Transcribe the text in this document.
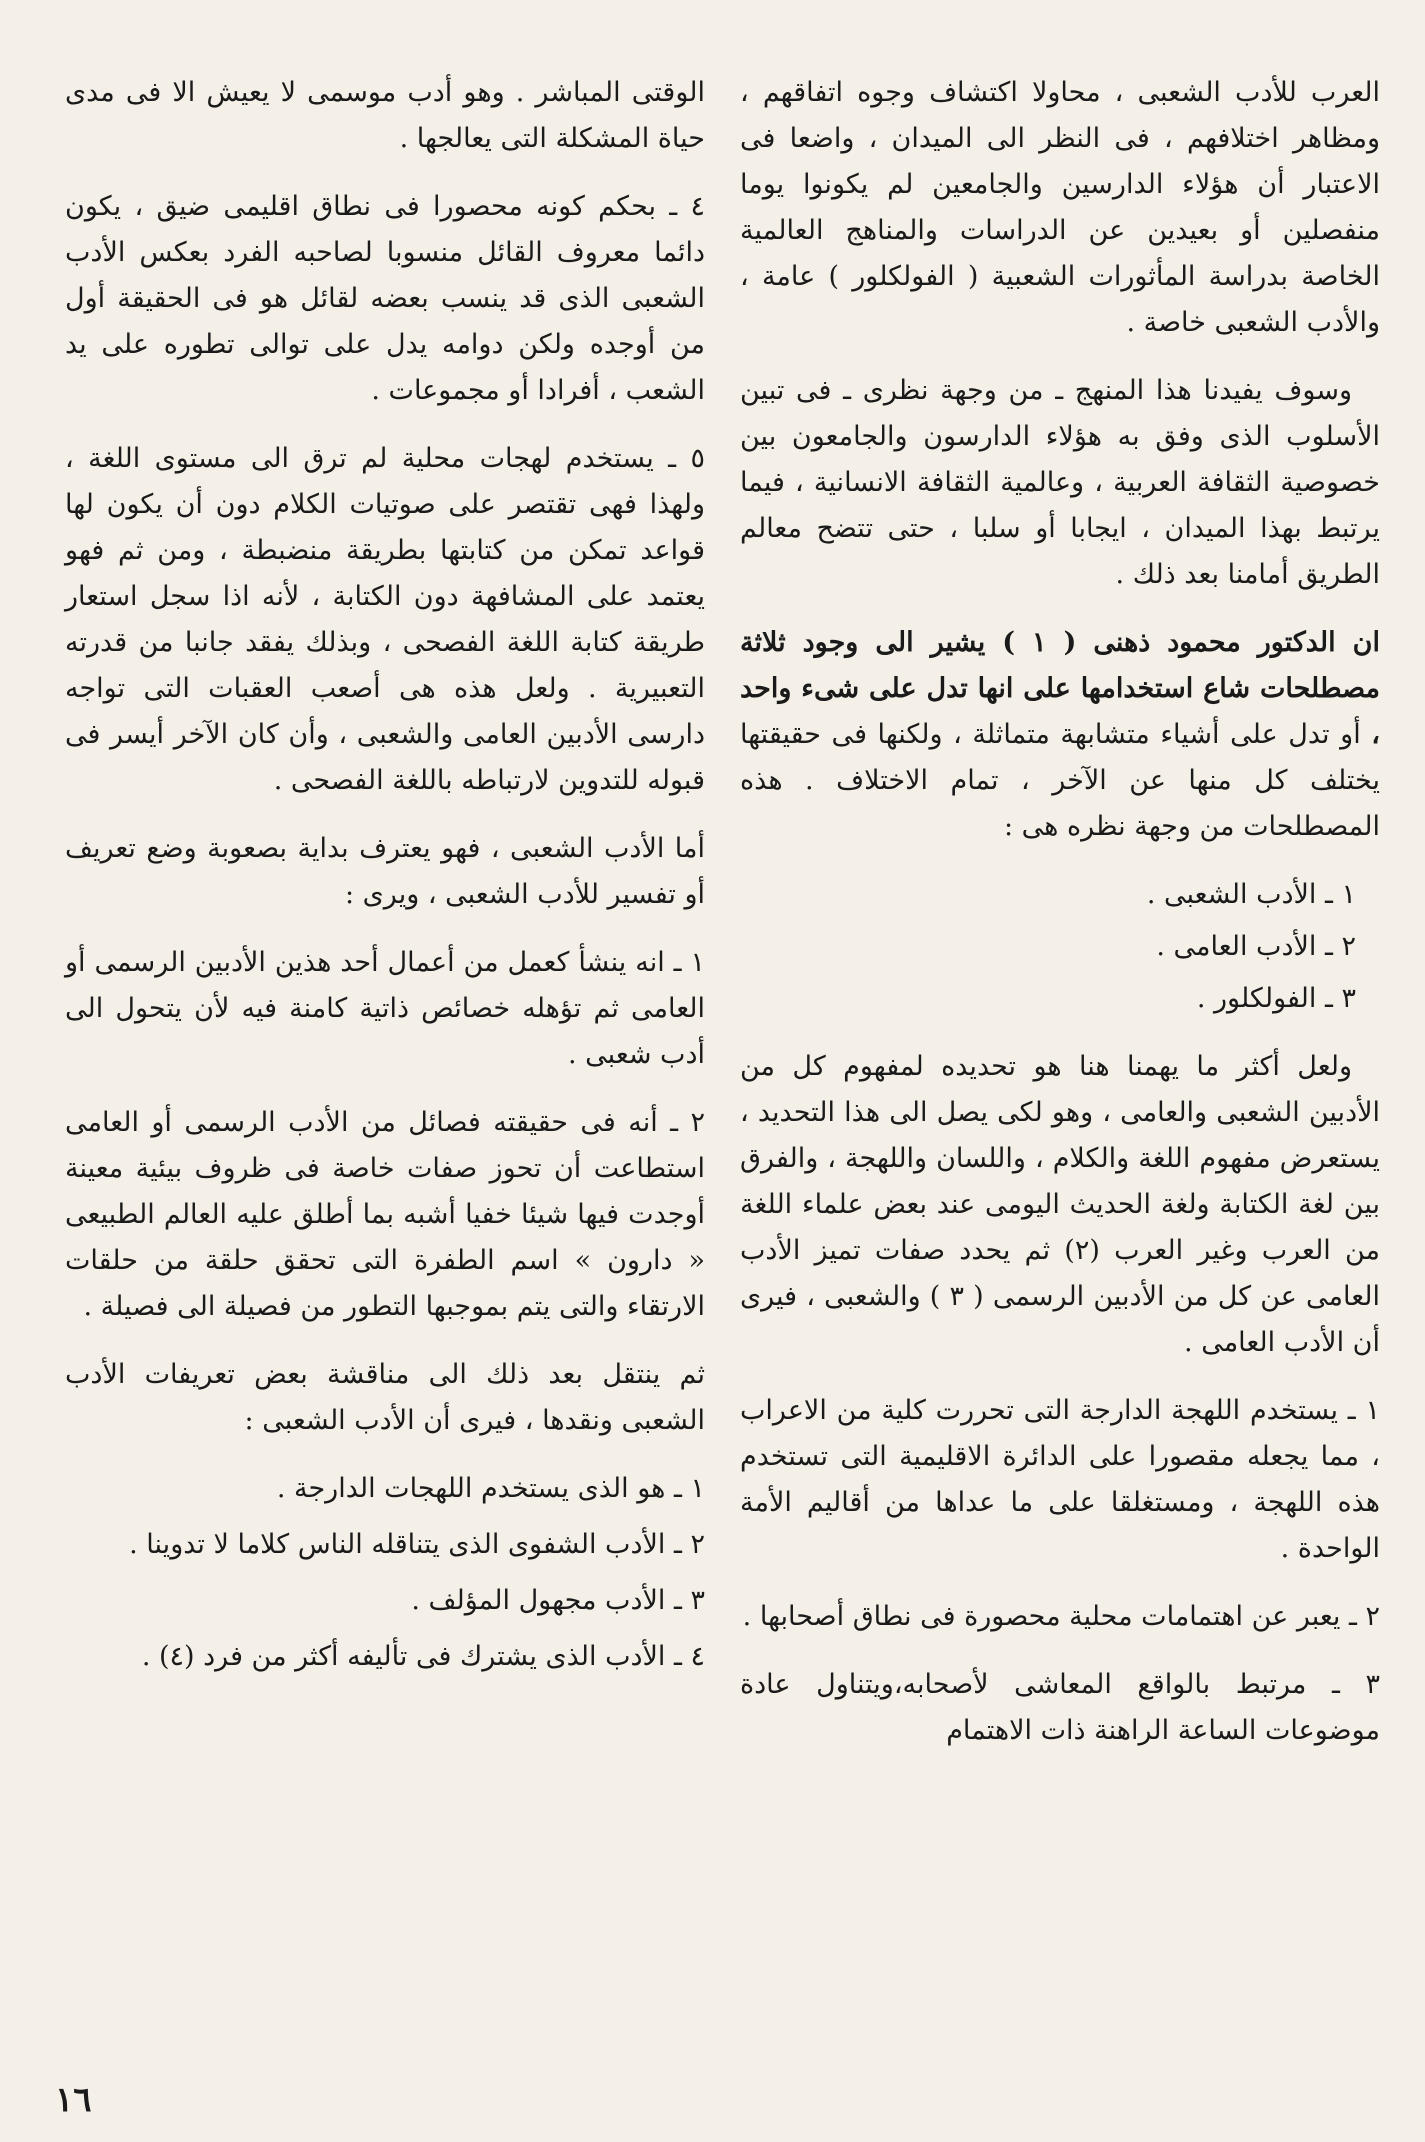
العرب للأدب الشعبى ، محاولا اكتشاف وجوه اتفاقهم ، ومظاهر اختلافهم ، فى النظر الى الميدان ، واضعا فى الاعتبار أن هؤلاء الدارسين والجامعين لم يكونوا يوما منفصلين أو بعيدين عن الدراسات والمناهج العالمية الخاصة بدراسة المأثورات الشعبية ( الفولكلور ) عامة ، والأدب الشعبى خاصة .

وسوف يفيدنا هذا المنهج ـ من وجهة نظرى ـ فى تبين الأسلوب الذى وفق به هؤلاء الدارسون والجامعون بين خصوصية الثقافة العربية ، وعالمية الثقافة الانسانية ، فيما يرتبط بهذا الميدان ، ايجابا أو سلبا ، حتى تتضح معالم الطريق أمامنا بعد ذلك .

ان الدكتور محمود ذهنى ( ١ ) يشير الى وجود ثلاثة مصطلحات شاع استخدامها على انها تدل على شىء واحد ، أو تدل على أشياء متشابهة متماثلة ، ولكنها فى حقيقتها يختلف كل منها عن الآخر ، تمام الاختلاف . هذه المصطلحات من وجهة نظره هى :

١ ـ الأدب الشعبى .

٢ ـ الأدب العامى .

٣ ـ الفولكلور .

ولعل أكثر ما يهمنا هنا هو تحديده لمفهوم كل من الأدبين الشعبى والعامى ، وهو لكى يصل الى هذا التحديد ، يستعرض مفهوم اللغة والكلام ، واللسان واللهجة ، والفرق بين لغة الكتابة ولغة الحديث اليومى عند بعض علماء اللغة من العرب وغير العرب (٢) ثم يحدد صفات تميز الأدب العامى عن كل من الأدبين الرسمى ( ٣ ) والشعبى ، فيرى أن الأدب العامى .

١ ـ يستخدم اللهجة الدارجة التى تحررت كلية من الاعراب ، مما يجعله مقصورا على الدائرة الاقليمية التى تستخدم هذه اللهجة ، ومستغلقا على ما عداها من أقاليم الأمة الواحدة .

٢ ـ يعبر عن اهتمامات محلية محصورة فى نطاق أصحابها .

٣ ـ مرتبط بالواقع المعاشى لأصحابه،ويتناول عادة موضوعات الساعة الراهنة ذات الاهتمام

الوقتى المباشر . وهو أدب موسمى لا يعيش الا فى مدى حياة المشكلة التى يعالجها .

٤ ـ بحكم كونه محصورا فى نطاق اقليمى ضيق ، يكون دائما معروف القائل منسوبا لصاحبه الفرد بعكس الأدب الشعبى الذى قد ينسب بعضه لقائل هو فى الحقيقة أول من أوجده ولكن دوامه يدل على توالى تطوره على يد الشعب ، أفرادا أو مجموعات .

٥ ـ يستخدم لهجات محلية لم ترق الى مستوى اللغة ، ولهذا فهى تقتصر على صوتيات الكلام دون أن يكون لها قواعد تمكن من كتابتها بطريقة منضبطة ، ومن ثم فهو يعتمد على المشافهة دون الكتابة ، لأنه اذا سجل استعار طريقة كتابة اللغة الفصحى ، وبذلك يفقد جانبا من قدرته التعبيرية . ولعل هذه هى أصعب العقبات التى تواجه دارسى الأدبين العامى والشعبى ، وأن كان الآخر أيسر فى قبوله للتدوين لارتباطه باللغة الفصحى .

أما الأدب الشعبى ، فهو يعترف بداية بصعوبة وضع تعريف أو تفسير للأدب الشعبى ، ويرى :

١ ـ انه ينشأ كعمل من أعمال أحد هذين الأدبين الرسمى أو العامى ثم تؤهله خصائص ذاتية كامنة فيه لأن يتحول الى أدب شعبى .

٢ ـ أنه فى حقيقته فصائل من الأدب الرسمى أو العامى استطاعت أن تحوز صفات خاصة فى ظروف بيئية معينة أوجدت فيها شيئا خفيا أشبه بما أطلق عليه العالم الطبيعى « دارون » اسم الطفرة التى تحقق حلقة من حلقات الارتقاء والتى يتم بموجبها التطور من فصيلة الى فصيلة .

ثم ينتقل بعد ذلك الى مناقشة بعض تعريفات الأدب الشعبى ونقدها ، فيرى أن الأدب الشعبى :

١ ـ هو الذى يستخدم اللهجات الدارجة .

٢ ـ الأدب الشفوى الذى يتناقله الناس كلاما لا تدوينا .

٣ ـ الأدب مجهول المؤلف .

٤ ـ الأدب الذى يشترك فى تأليفه أكثر من فرد (٤) .

١٦
